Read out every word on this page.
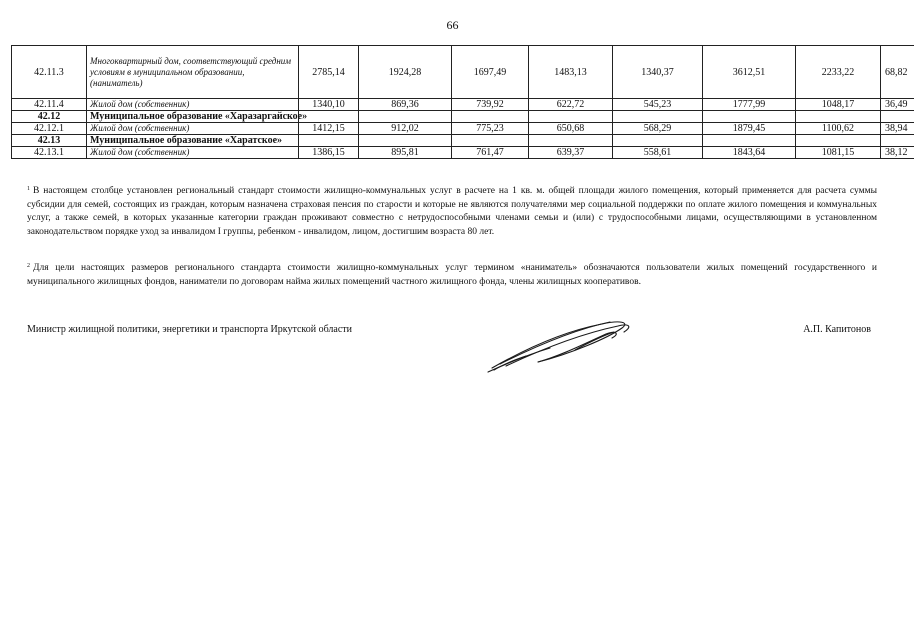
66
42.11.3	Многоквартирный дом, соответствующий средним условиям в муниципальном образовании, (наниматель)	2785,14	1924,28	1697,49	1483,13	1340,37	3612,51	2233,22	68,82
42.11.4	Жилой дом (собственник)	1340,10	869,36	739,92	622,72	545,23	1777,99	1048,17	36,49
42.12	Муниципальное образование «Харазаргайское»								
42.12.1	Жилой дом (собственник)	1412,15	912,02	775,23	650,68	568,29	1879,45	1100,62	38,94
42.13	Муниципальное образование «Харатское»								
42.13.1	Жилой дом (собственник)	1386,15	895,81	761,47	639,37	558,61	1843,64	1081,15	38,12
$^1$ В настоящем столбце установлен региональный стандарт стоимости жилищно-коммунальных услуг в расчете на 1 кв. м. общей площади жилого помещения, который применяется для расчета суммы субсидии для семей, состоящих из граждан, которым назначена страховая пенсия по старости и которые не являются получателями мер социальной поддержки по оплате жилого помещения и коммунальных услуг, а также семей, в которых указанные категории граждан проживают совместно с нетрудоспособными членами семьи и (или) с трудоспособными лицами, осуществляющими в установленном законодательством порядке уход за инвалидом I группы, ребенком - инвалидом, лицом, достигшим возраста 80 лет.
$^2$ Для цели настоящих размеров регионального стандарта стоимости жилищно-коммунальных услуг термином «наниматель» обозначаются пользователи жилых помещений государственного и муниципального жилищных фондов, наниматели по договорам найма жилых помещений частного жилищного фонда, члены жилищных кооперативов.
Министр жилищной политики, энергетики и транспорта Иркутской области	А.П. Капитонов
